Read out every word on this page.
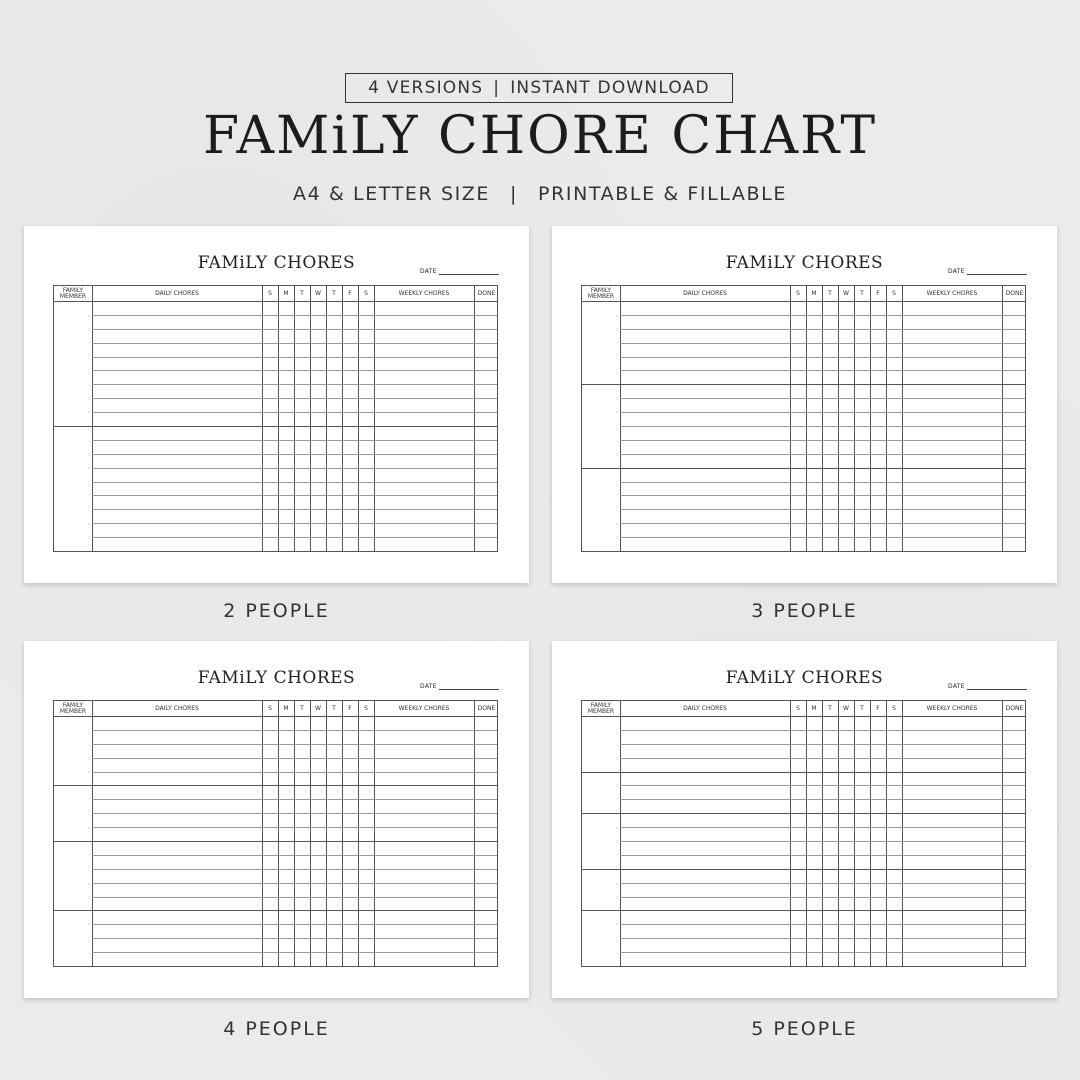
4 VERSIONS | INSTANT DOWNLOAD
FAMiLY CHORE CHART
A4 & LETTER SIZE | PRINTABLE & FILLABLE
FAMiLY CHORES	DATE
FAMILY MEMBER	DAILY CHORES	S	M	T	W	T	F	S	WEEKLY CHORES	DONE
2 PEOPLE
FAMiLY CHORES	DATE
FAMILY MEMBER	DAILY CHORES	S	M	T	W	T	F	S	WEEKLY CHORES	DONE
3 PEOPLE
FAMiLY CHORES	DATE
FAMILY MEMBER	DAILY CHORES	S	M	T	W	T	F	S	WEEKLY CHORES	DONE
4 PEOPLE
FAMiLY CHORES	DATE
FAMILY MEMBER	DAILY CHORES	S	M	T	W	T	F	S	WEEKLY CHORES	DONE
5 PEOPLE
